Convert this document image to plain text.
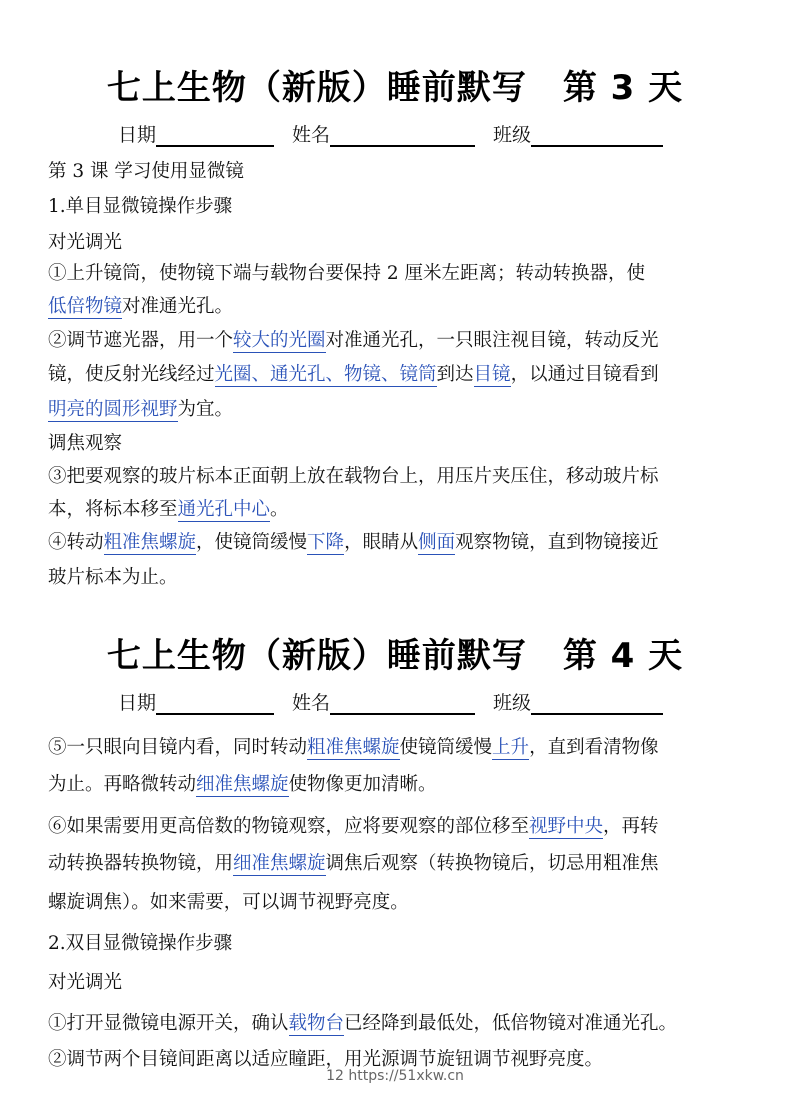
七上生物（新版）睡前默写 第 3 天
日期	姓名	班级
第 3 课 学习使用显微镜
1.单目显微镜操作步骤
对光调光
①上升镜筒，使物镜下端与载物台要保持 2 厘米左距离；转动转换器，使
低倍物镜对准通光孔。
②调节遮光器，用一个较大的光圈对准通光孔，一只眼注视目镜，转动反光
镜，使反射光线经过光圈、通光孔、物镜、镜筒到达目镜，以通过目镜看到
明亮的圆形视野为宜。
调焦观察
③把要观察的玻片标本正面朝上放在载物台上，用压片夹压住，移动玻片标
本，将标本移至通光孔中心。
④转动粗准焦螺旋，使镜筒缓慢下降，眼睛从侧面观察物镜，直到物镜接近
玻片标本为止。
七上生物（新版）睡前默写 第 4 天
日期	姓名	班级
⑤一只眼向目镜内看，同时转动粗准焦螺旋使镜筒缓慢上升，直到看清物像
为止。再略微转动细准焦螺旋使物像更加清晰。
⑥如果需要用更高倍数的物镜观察，应将要观察的部位移至视野中央，再转
动转换器转换物镜，用细准焦螺旋调焦后观察（转换物镜后，切忌用粗准焦
螺旋调焦）。如来需要，可以调节视野亮度。
2.双目显微镜操作步骤
对光调光
①打开显微镜电源开关，确认载物台已经降到最低处，低倍物镜对准通光孔。
②调节两个目镜间距离以适应瞳距，用光源调节旋钮调节视野亮度。
12 https://51xkw.cn
